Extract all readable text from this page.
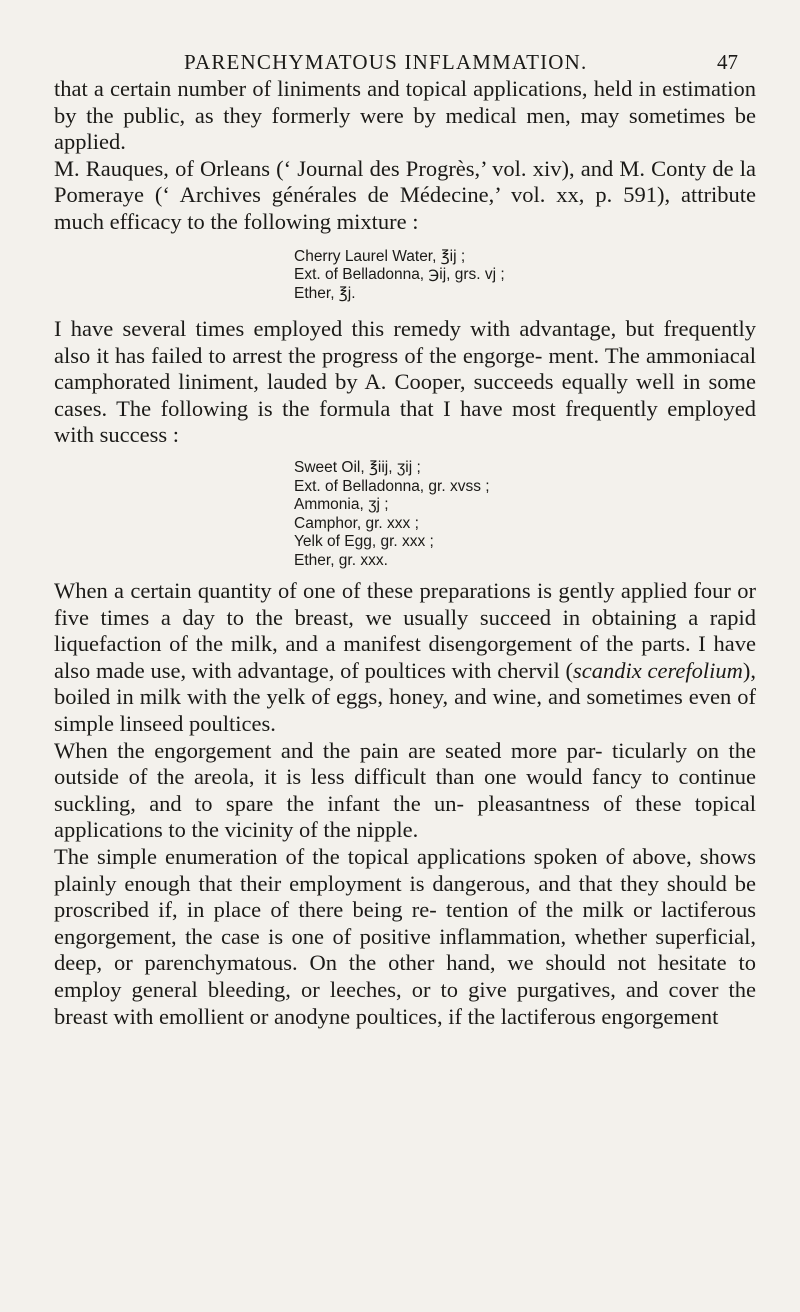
PARENCHYMATOUS INFLAMMATION.	47

that a certain number of liniments and topical applications, held in estimation by the public, as they formerly were by medical men, may sometimes be applied.

M. Rauques, of Orleans (‘ Journal des Progrès,’ vol. xiv), and M. Conty de la Pomeraye (‘ Archives générales de Médecine,’ vol. xx, p. 591), attribute much efficacy to the following mixture :

Cherry Laurel Water, ℥ij ;
Ext. of Belladonna, ℈ij, grs. vj ;
Ether, ℥j.

I have several times employed this remedy with advantage, but frequently also it has failed to arrest the progress of the engorge- ment. The ammoniacal camphorated liniment, lauded by A. Cooper, succeeds equally well in some cases. The following is the formula that I have most frequently employed with success :

Sweet Oil, ℥iij, ʒij ;
Ext. of Belladonna, gr. xvss ;
Ammonia, ʒj ;
Camphor, gr. xxx ;
Yelk of Egg, gr. xxx ;
Ether, gr. xxx.

When a certain quantity of one of these preparations is gently applied four or five times a day to the breast, we usually succeed in obtaining a rapid liquefaction of the milk, and a manifest disengorgement of the parts. I have also made use, with advantage, of poultices with chervil (scandix cerefolium), boiled in milk with the yelk of eggs, honey, and wine, and sometimes even of simple linseed poultices.

When the engorgement and the pain are seated more par- ticularly on the outside of the areola, it is less difficult than one would fancy to continue suckling, and to spare the infant the un- pleasantness of these topical applications to the vicinity of the nipple.

The simple enumeration of the topical applications spoken of above, shows plainly enough that their employment is dangerous, and that they should be proscribed if, in place of there being re- tention of the milk or lactiferous engorgement, the case is one of positive inflammation, whether superficial, deep, or parenchymatous. On the other hand, we should not hesitate to employ general bleeding, or leeches, or to give purgatives, and cover the breast with emollient or anodyne poultices, if the lactiferous engorgement
